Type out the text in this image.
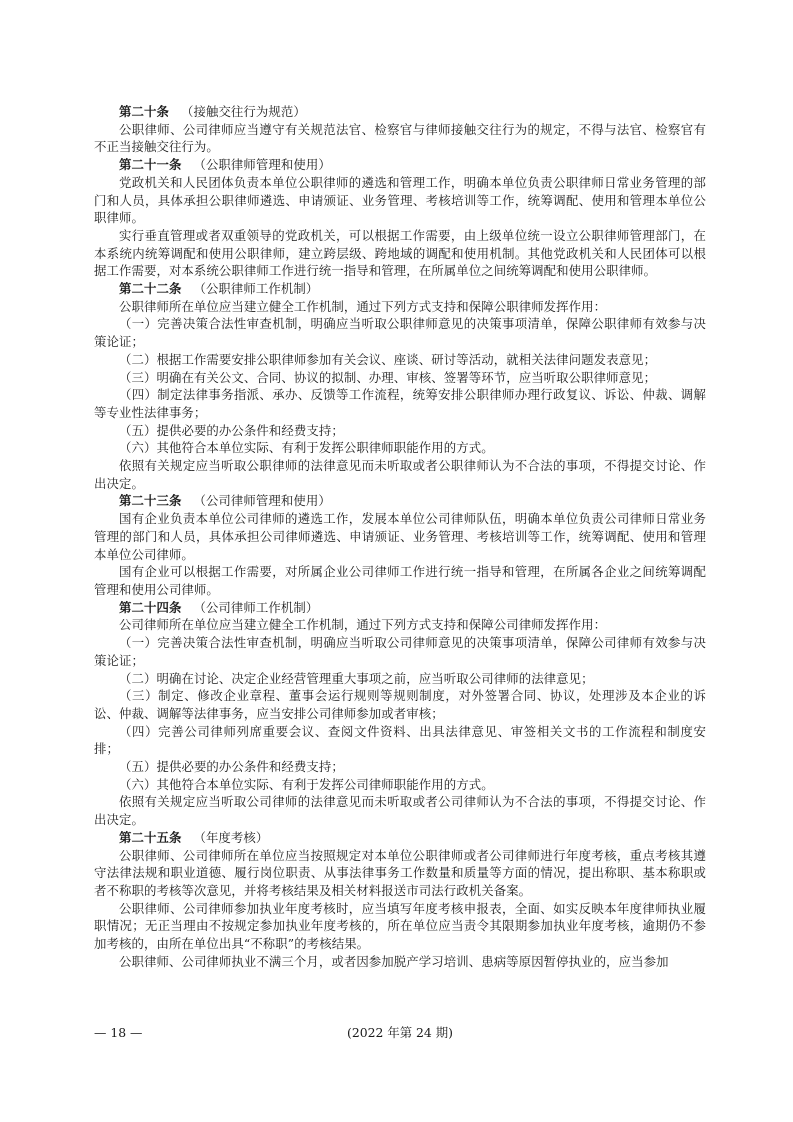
第二十条 （接触交往行为规范）

公职律师、公司律师应当遵守有关规范法官、检察官与律师接触交往行为的规定，不得与法官、检察官有不正当接触交往行为。

第二十一条 （公职律师管理和使用）

党政机关和人民团体负责本单位公职律师的遴选和管理工作，明确本单位负责公职律师日常业务管理的部门和人员，具体承担公职律师遴选、申请颁证、业务管理、考核培训等工作，统筹调配、使用和管理本单位公职律师。

实行垂直管理或者双重领导的党政机关，可以根据工作需要，由上级单位统一设立公职律师管理部门，在本系统内统筹调配和使用公职律师，建立跨层级、跨地域的调配和使用机制。其他党政机关和人民团体可以根据工作需要，对本系统公职律师工作进行统一指导和管理，在所属单位之间统筹调配和使用公职律师。

第二十二条 （公职律师工作机制）

公职律师所在单位应当建立健全工作机制，通过下列方式支持和保障公职律师发挥作用：

（一）完善决策合法性审查机制，明确应当听取公职律师意见的决策事项清单，保障公职律师有效参与决策论证；

（二）根据工作需要安排公职律师参加有关会议、座谈、研讨等活动，就相关法律问题发表意见；

（三）明确在有关公文、合同、协议的拟制、办理、审核、签署等环节，应当听取公职律师意见；

（四）制定法律事务指派、承办、反馈等工作流程，统筹安排公职律师办理行政复议、诉讼、仲裁、调解等专业性法律事务；

（五）提供必要的办公条件和经费支持；

（六）其他符合本单位实际、有利于发挥公职律师职能作用的方式。

依照有关规定应当听取公职律师的法律意见而未听取或者公职律师认为不合法的事项，不得提交讨论、作出决定。

第二十三条 （公司律师管理和使用）

国有企业负责本单位公司律师的遴选工作，发展本单位公司律师队伍，明确本单位负责公司律师日常业务管理的部门和人员，具体承担公司律师遴选、申请颁证、业务管理、考核培训等工作，统筹调配、使用和管理本单位公司律师。

国有企业可以根据工作需要，对所属企业公司律师工作进行统一指导和管理，在所属各企业之间统筹调配管理和使用公司律师。

第二十四条 （公司律师工作机制）

公司律师所在单位应当建立健全工作机制，通过下列方式支持和保障公司律师发挥作用：

（一）完善决策合法性审查机制，明确应当听取公司律师意见的决策事项清单，保障公司律师有效参与决策论证；

（二）明确在讨论、决定企业经营管理重大事项之前，应当听取公司律师的法律意见；

（三）制定、修改企业章程、董事会运行规则等规则制度，对外签署合同、协议，处理涉及本企业的诉讼、仲裁、调解等法律事务，应当安排公司律师参加或者审核；

（四）完善公司律师列席重要会议、查阅文件资料、出具法律意见、审签相关文书的工作流程和制度安排；

（五）提供必要的办公条件和经费支持；

（六）其他符合本单位实际、有利于发挥公司律师职能作用的方式。

依照有关规定应当听取公司律师的法律意见而未听取或者公司律师认为不合法的事项，不得提交讨论、作出决定。

第二十五条 （年度考核）

公职律师、公司律师所在单位应当按照规定对本单位公职律师或者公司律师进行年度考核，重点考核其遵守法律法规和职业道德、履行岗位职责、从事法律事务工作数量和质量等方面的情况，提出称职、基本称职或者不称职的考核等次意见，并将考核结果及相关材料报送市司法行政机关备案。

公职律师、公司律师参加执业年度考核时，应当填写年度考核申报表，全面、如实反映本年度律师执业履职情况；无正当理由不按规定参加执业年度考核的，所在单位应当责令其限期参加执业年度考核，逾期仍不参加考核的，由所在单位出具“不称职”的考核结果。

公职律师、公司律师执业不满三个月，或者因参加脱产学习培训、患病等原因暂停执业的，应当参加

— 18 —	(2022 年第 24 期)
